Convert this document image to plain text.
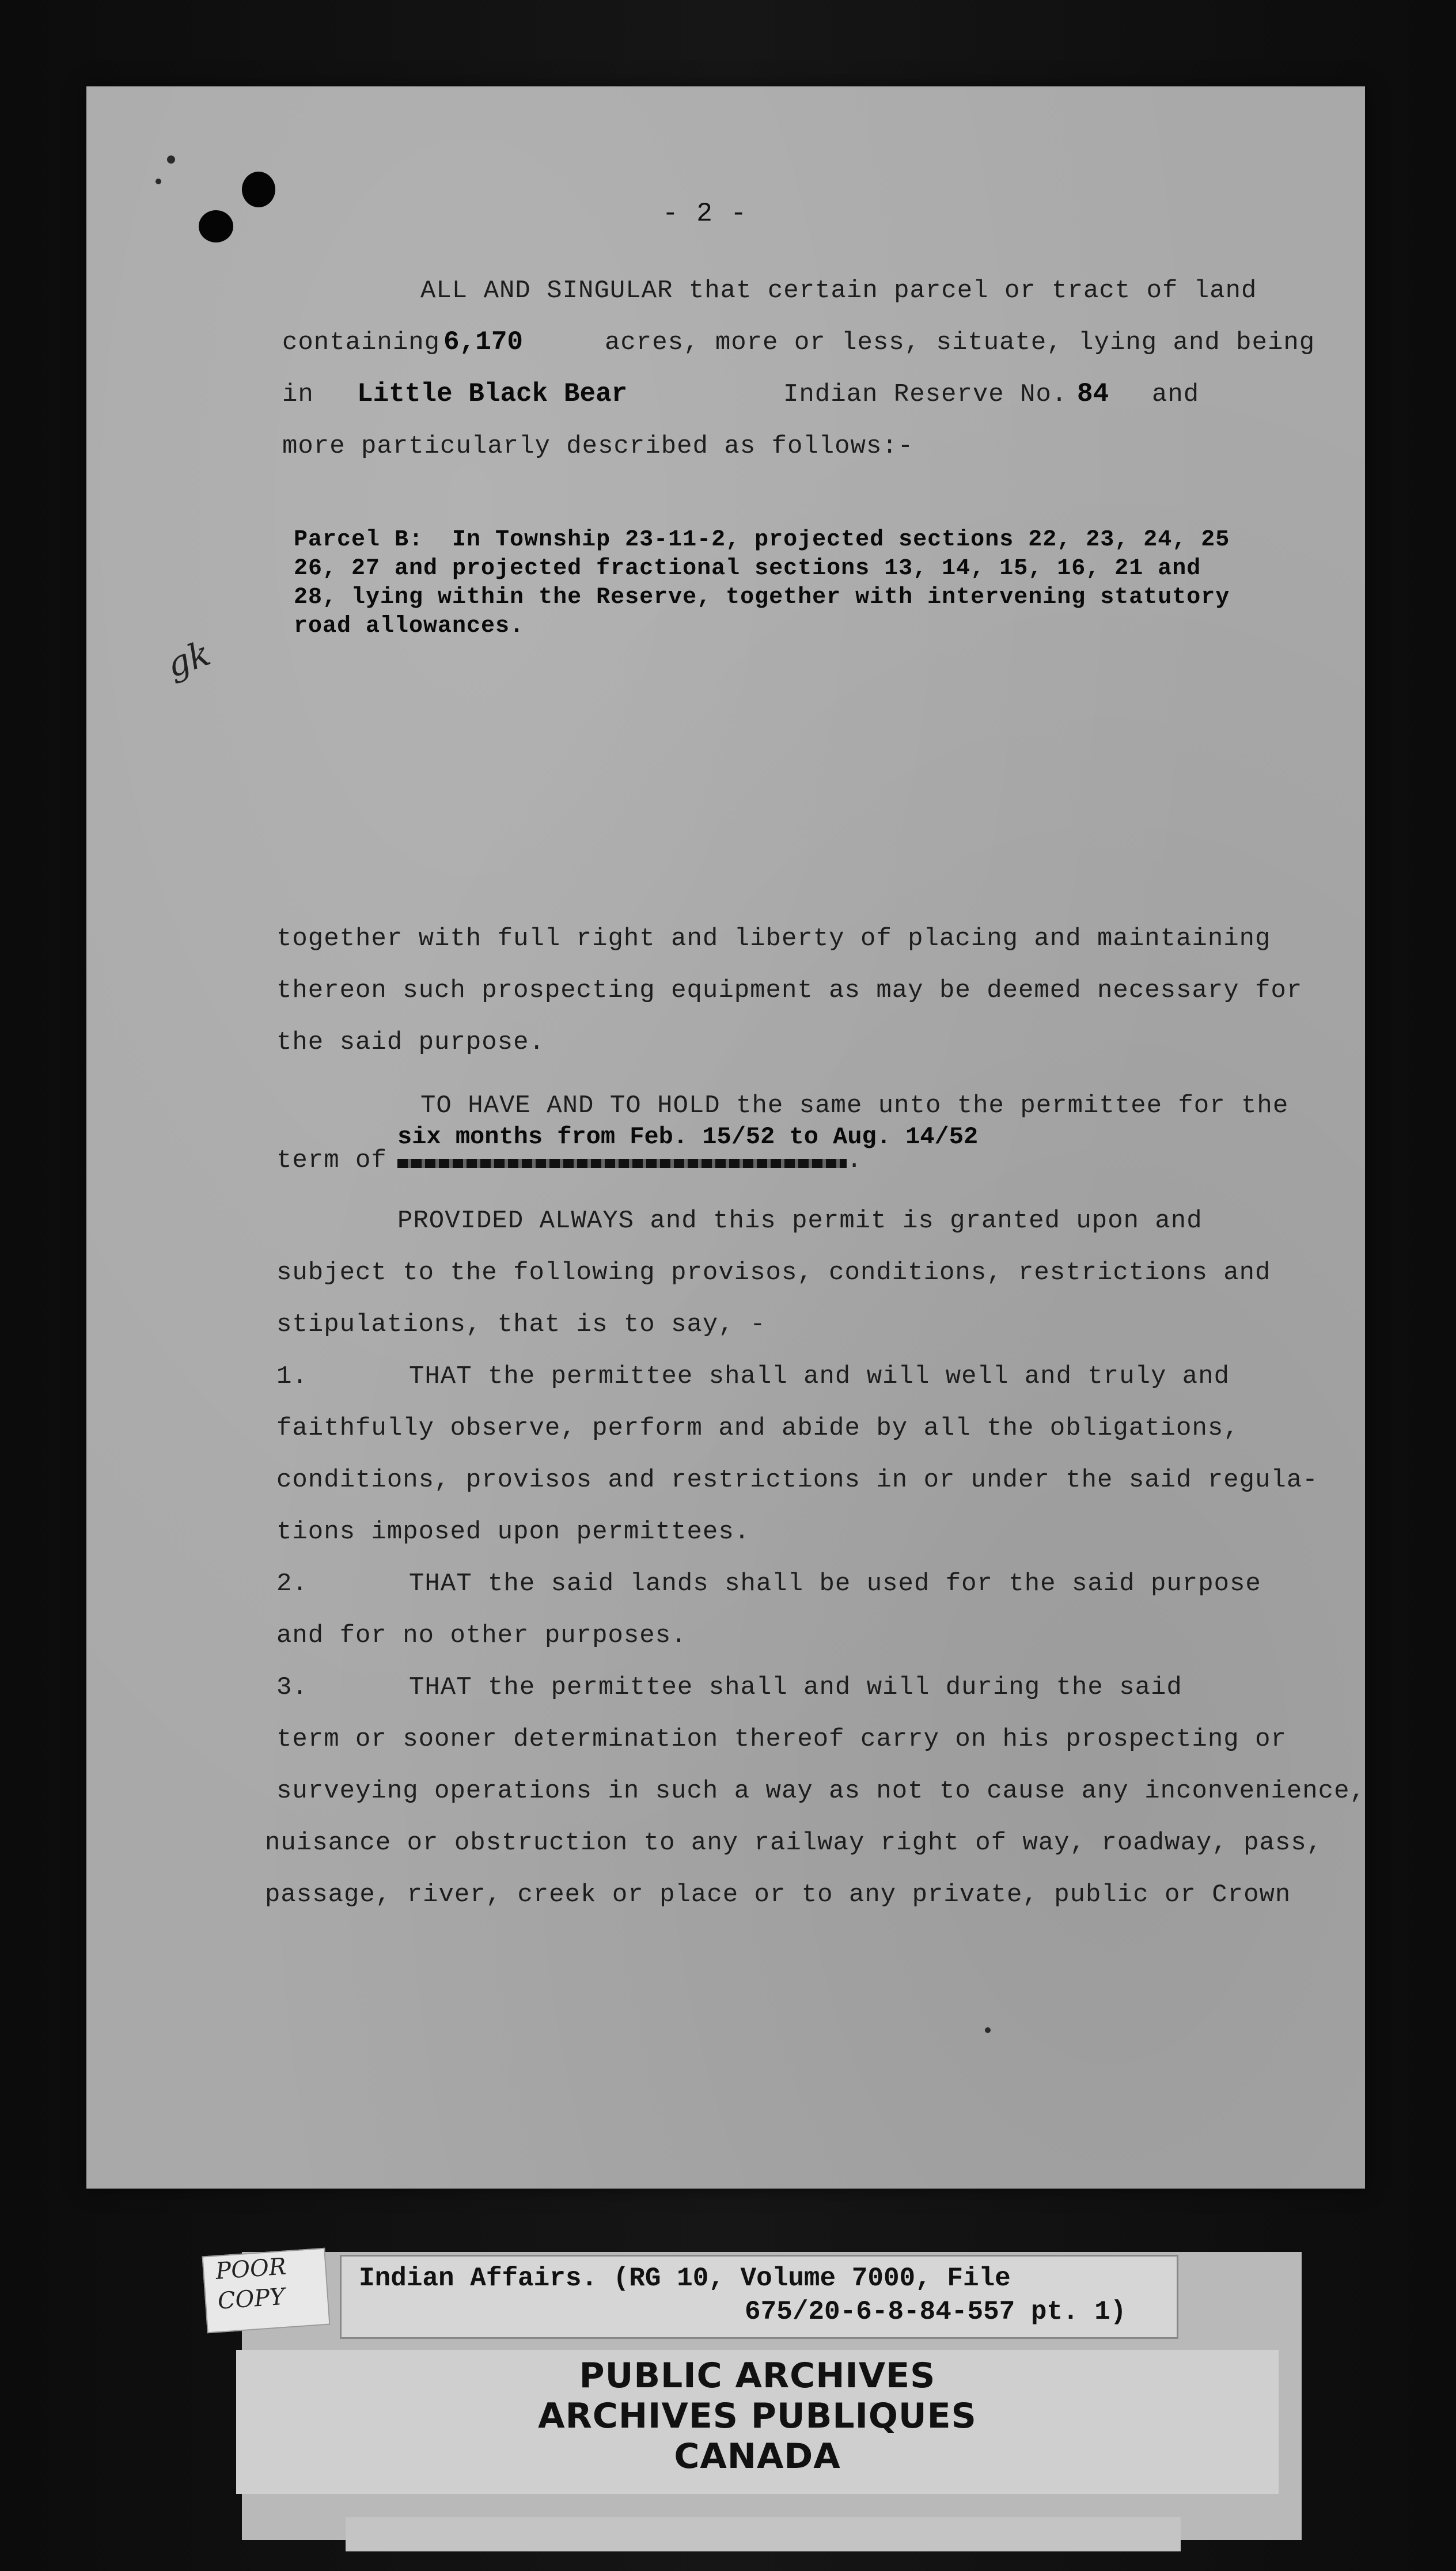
- 2 -
ALL AND SINGULAR that certain parcel or tract of land
containing 6,170	acres, more or less, situate, lying and being
in Little Black Bear	Indian Reserve No. 84 and
more particularly described as follows:-
Parcel B:  In Township 23-11-2, projected sections 22, 23, 24, 25
26, 27 and projected fractional sections 13, 14, 15, 16, 21 and
28, lying within the Reserve, together with intervening statutory
road allowances.
gk
together with full right and liberty of placing and maintaining
thereon such prospecting equipment as may be deemed necessary for
the said purpose.
TO HAVE AND TO HOLD the same unto the permittee for the
six months from Feb. 15/52 to Aug. 14/52
term of	.
PROVIDED ALWAYS and this permit is granted upon and
subject to the following provisos, conditions, restrictions and
stipulations, that is to say, -
1.	THAT the permittee shall and will well and truly and
faithfully observe, perform and abide by all the obligations,
conditions, provisos and restrictions in or under the said regula-
tions imposed upon permittees.
2.	THAT the said lands shall be used for the said purpose
and for no other purposes.
3.	THAT the permittee shall and will during the said
term or sooner determination thereof carry on his prospecting or
surveying operations in such a way as not to cause any inconvenience,
nuisance or obstruction to any railway right of way, roadway, pass,
passage, river, creek or place or to any private, public or Crown
Indian Affairs. (RG 10, Volume 7000, File
675/20-6-8-84-557 pt. 1)
POOR
COPY
PUBLIC ARCHIVES
ARCHIVES PUBLIQUES
CANADA
